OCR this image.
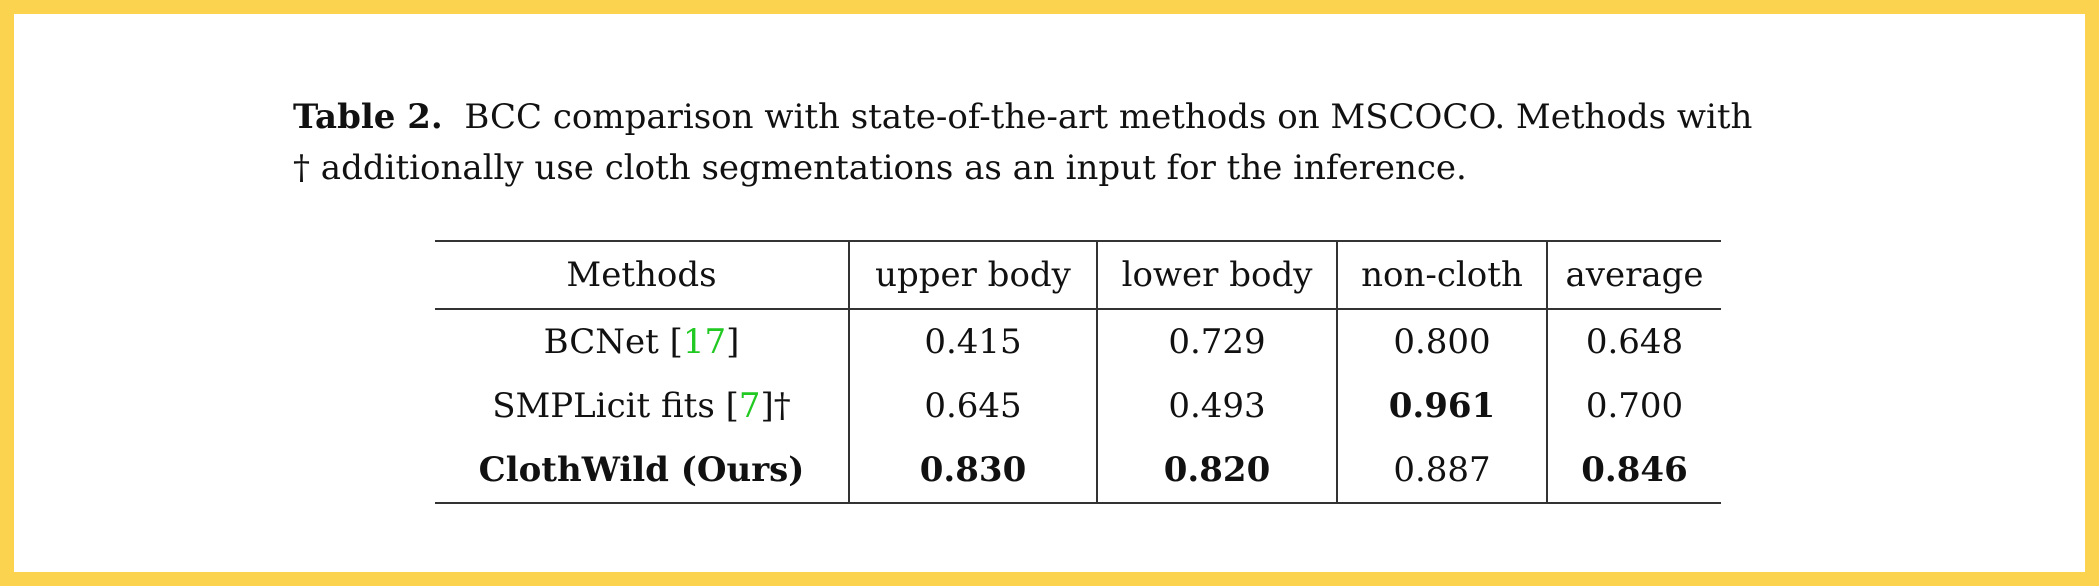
Table 2. BCC comparison with state-of-the-art methods on MSCOCO. Methods with
† additionally use cloth segmentations as an input for the inference.
Methods	upper body	lower body	non-cloth	average
BCNet [17]	0.415	0.729	0.800	0.648
SMPLicit fits [7]†	0.645	0.493	0.961	0.700
ClothWild (Ours)	0.830	0.820	0.887	0.846
